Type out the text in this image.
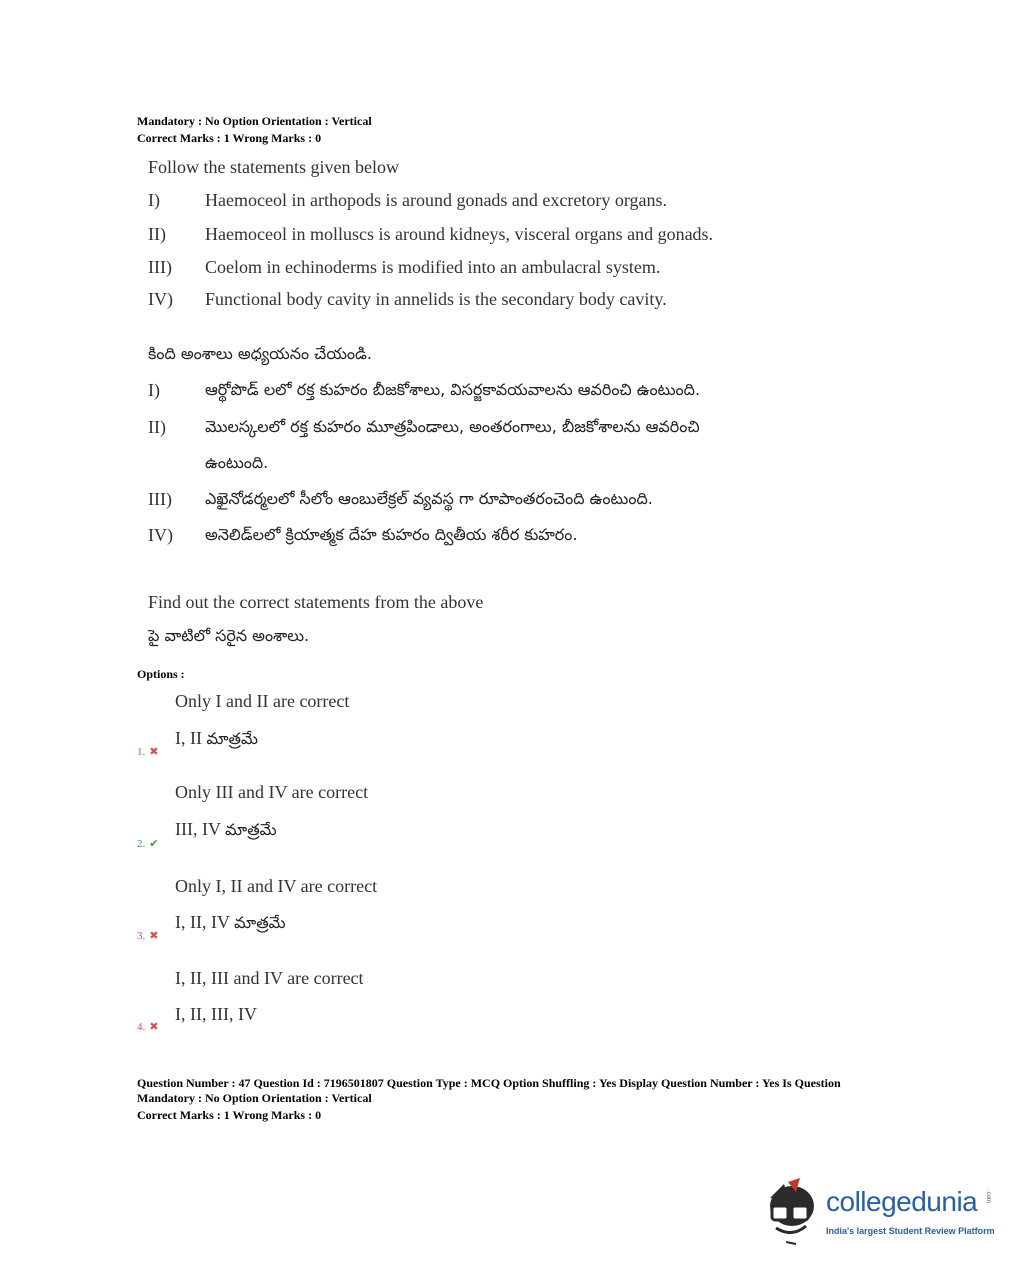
Mandatory : No Option Orientation : Vertical
Correct Marks : 1 Wrong Marks : 0
Follow the statements given below
I)	Haemoceol in arthopods is around gonads and excretory organs.
II)	Haemoceol in molluscs is around kidneys, visceral organs and gonads.
III)	Coelom in echinoderms is modified into an ambulacral system.
IV)	Functional body cavity in annelids is the secondary body cavity.
కింది అంశాలు అధ్యయనం చేయండి.
I)	ఆర్థోపొడ్ లలో రక్త కుహరం బీజకోశాలు, విసర్జకావయవాలను ఆవరించి ఉంటుంది.
II)	మొలస్కలలో రక్త కుహరం మూత్రపిండాలు, అంతరంగాలు, బీజకోశాలను ఆవరించి
ఉంటుంది.
III)	ఎఖైనోడర్మలలో సీలోం ఆంబులేక్రల్ వ్యవస్థ గా రూపాంతరంచెంది ఉంటుంది.
IV)	అనెలిడ్‌లలో క్రియాత్మక దేహ కుహరం ద్వితీయ శరీర కుహరం.
Find out the correct statements from the above
పై వాటిలో సరైన అంశాలు.
Options :
Only I and II are correct
I, II మాత్రమే
1. ✖
Only III and IV are correct
III, IV మాత్రమే
2. ✔
Only I, II and IV are correct
I, II, IV మాత్రమే
3. ✖
I, II, III and IV are correct
I, II, III, IV
4. ✖
Question Number : 47 Question Id : 7196501807 Question Type : MCQ Option Shuffling : Yes Display Question Number : Yes Is Question
Mandatory : No Option Orientation : Vertical
Correct Marks : 1 Wrong Marks : 0
collegedunia .com
India's largest Student Review Platform
